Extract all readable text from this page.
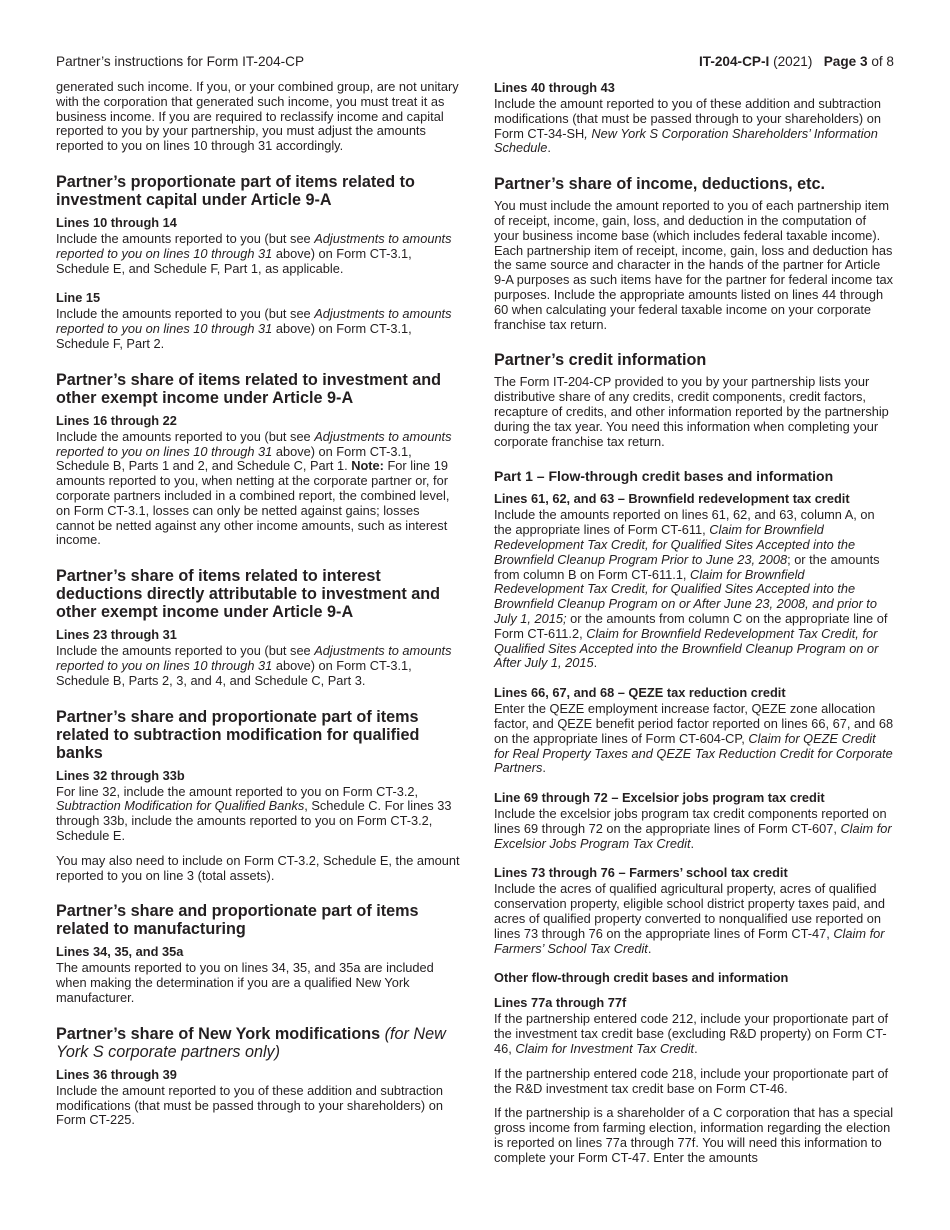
Partner’s instructions for Form IT-204-CP	IT-204-CP-I (2021) Page 3 of 8

generated such income. If you, or your combined group, are not unitary with the corporation that generated such income, you must treat it as business income. If you are required to reclassify income and capital reported to you by your partnership, you must adjust the amounts reported to you on lines 10 through 31 accordingly.

Partner’s proportionate part of items related to investment capital under Article 9-A
Lines 10 through 14

Include the amounts reported to you (but see Adjustments to amounts reported to you on lines 10 through 31 above) on Form CT-3.1, Schedule E, and Schedule F, Part 1, as applicable.

Line 15

Include the amounts reported to you (but see Adjustments to amounts reported to you on lines 10 through 31 above) on Form CT-3.1, Schedule F, Part 2.

Partner’s share of items related to investment and other exempt income under Article 9-A
Lines 16 through 22

Include the amounts reported to you (but see Adjustments to amounts reported to you on lines 10 through 31 above) on Form CT-3.1, Schedule B, Parts 1 and 2, and Schedule C, Part 1. Note: For line 19 amounts reported to you, when netting at the corporate partner or, for corporate partners included in a combined report, the combined level, on Form CT-3.1, losses can only be netted against gains; losses cannot be netted against any other income amounts, such as interest income.

Partner’s share of items related to interest deductions directly attributable to investment and other exempt income under Article 9-A
Lines 23 through 31

Include the amounts reported to you (but see Adjustments to amounts reported to you on lines 10 through 31 above) on Form CT-3.1, Schedule B, Parts 2, 3, and 4, and Schedule C, Part 3.

Partner’s share and proportionate part of items related to subtraction modification for qualified banks
Lines 32 through 33b

For line 32, include the amount reported to you on Form CT-3.2, Subtraction Modification for Qualified Banks, Schedule C. For lines 33 through 33b, include the amounts reported to you on Form CT-3.2, Schedule E.

You may also need to include on Form CT-3.2, Schedule E, the amount reported to you on line 3 (total assets).

Partner’s share and proportionate part of items related to manufacturing
Lines 34, 35, and 35a

The amounts reported to you on lines 34, 35, and 35a are included when making the determination if you are a qualified New York manufacturer.

Partner’s share of New York modifications (for New York S corporate partners only)
Lines 36 through 39

Include the amount reported to you of these addition and subtraction modifications (that must be passed through to your shareholders) on Form CT-225.

Lines 40 through 43

Include the amount reported to you of these addition and subtraction modifications (that must be passed through to your shareholders) on Form CT-34-SH, New York S Corporation Shareholders’ Information Schedule.

Partner’s share of income, deductions, etc.

You must include the amount reported to you of each partnership item of receipt, income, gain, loss, and deduction in the computation of your business income base (which includes federal taxable income). Each partnership item of receipt, income, gain, loss and deduction has the same source and character in the hands of the partner for Article 9-A purposes as such items have for the partner for federal income tax purposes. Include the appropriate amounts listed on lines 44 through 60 when calculating your federal taxable income on your corporate franchise tax return.

Partner’s credit information

The Form IT-204-CP provided to you by your partnership lists your distributive share of any credits, credit components, credit factors, recapture of credits, and other information reported by the partnership during the tax year. You need this information when completing your corporate franchise tax return.

Part 1 – Flow-through credit bases and information
Lines 61, 62, and 63 – Brownfield redevelopment tax credit

Include the amounts reported on lines 61, 62, and 63, column A, on the appropriate lines of Form CT-611, Claim for Brownfield Redevelopment Tax Credit, for Qualified Sites Accepted into the Brownfield Cleanup Program Prior to June 23, 2008; or the amounts from column B on Form CT-611.1, Claim for Brownfield Redevelopment Tax Credit, for Qualified Sites Accepted into the Brownfield Cleanup Program on or After June 23, 2008, and prior to July 1, 2015; or the amounts from column C on the appropriate line of Form CT-611.2, Claim for Brownfield Redevelopment Tax Credit, for Qualified Sites Accepted into the Brownfield Cleanup Program on or After July 1, 2015.

Lines 66, 67, and 68 – QEZE tax reduction credit

Enter the QEZE employment increase factor, QEZE zone allocation factor, and QEZE benefit period factor reported on lines 66, 67, and 68 on the appropriate lines of Form CT-604-CP, Claim for QEZE Credit for Real Property Taxes and QEZE Tax Reduction Credit for Corporate Partners.

Line 69 through 72 – Excelsior jobs program tax credit

Include the excelsior jobs program tax credit components reported on lines 69 through 72 on the appropriate lines of Form CT-607, Claim for Excelsior Jobs Program Tax Credit.

Lines 73 through 76 – Farmers’ school tax credit

Include the acres of qualified agricultural property, acres of qualified conservation property, eligible school district property taxes paid, and acres of qualified property converted to nonqualified use reported on lines 73 through 76 on the appropriate lines of Form CT-47, Claim for Farmers’ School Tax Credit.

Other flow-through credit bases and information
Lines 77a through 77f

If the partnership entered code 212, include your proportionate part of the investment tax credit base (excluding R&D property) on Form CT-46, Claim for Investment Tax Credit.

If the partnership entered code 218, include your proportionate part of the R&D investment tax credit base on Form CT-46.

If the partnership is a shareholder of a C corporation that has a special gross income from farming election, information regarding the election is reported on lines 77a through 77f. You will need this information to complete your Form CT-47. Enter the amounts
